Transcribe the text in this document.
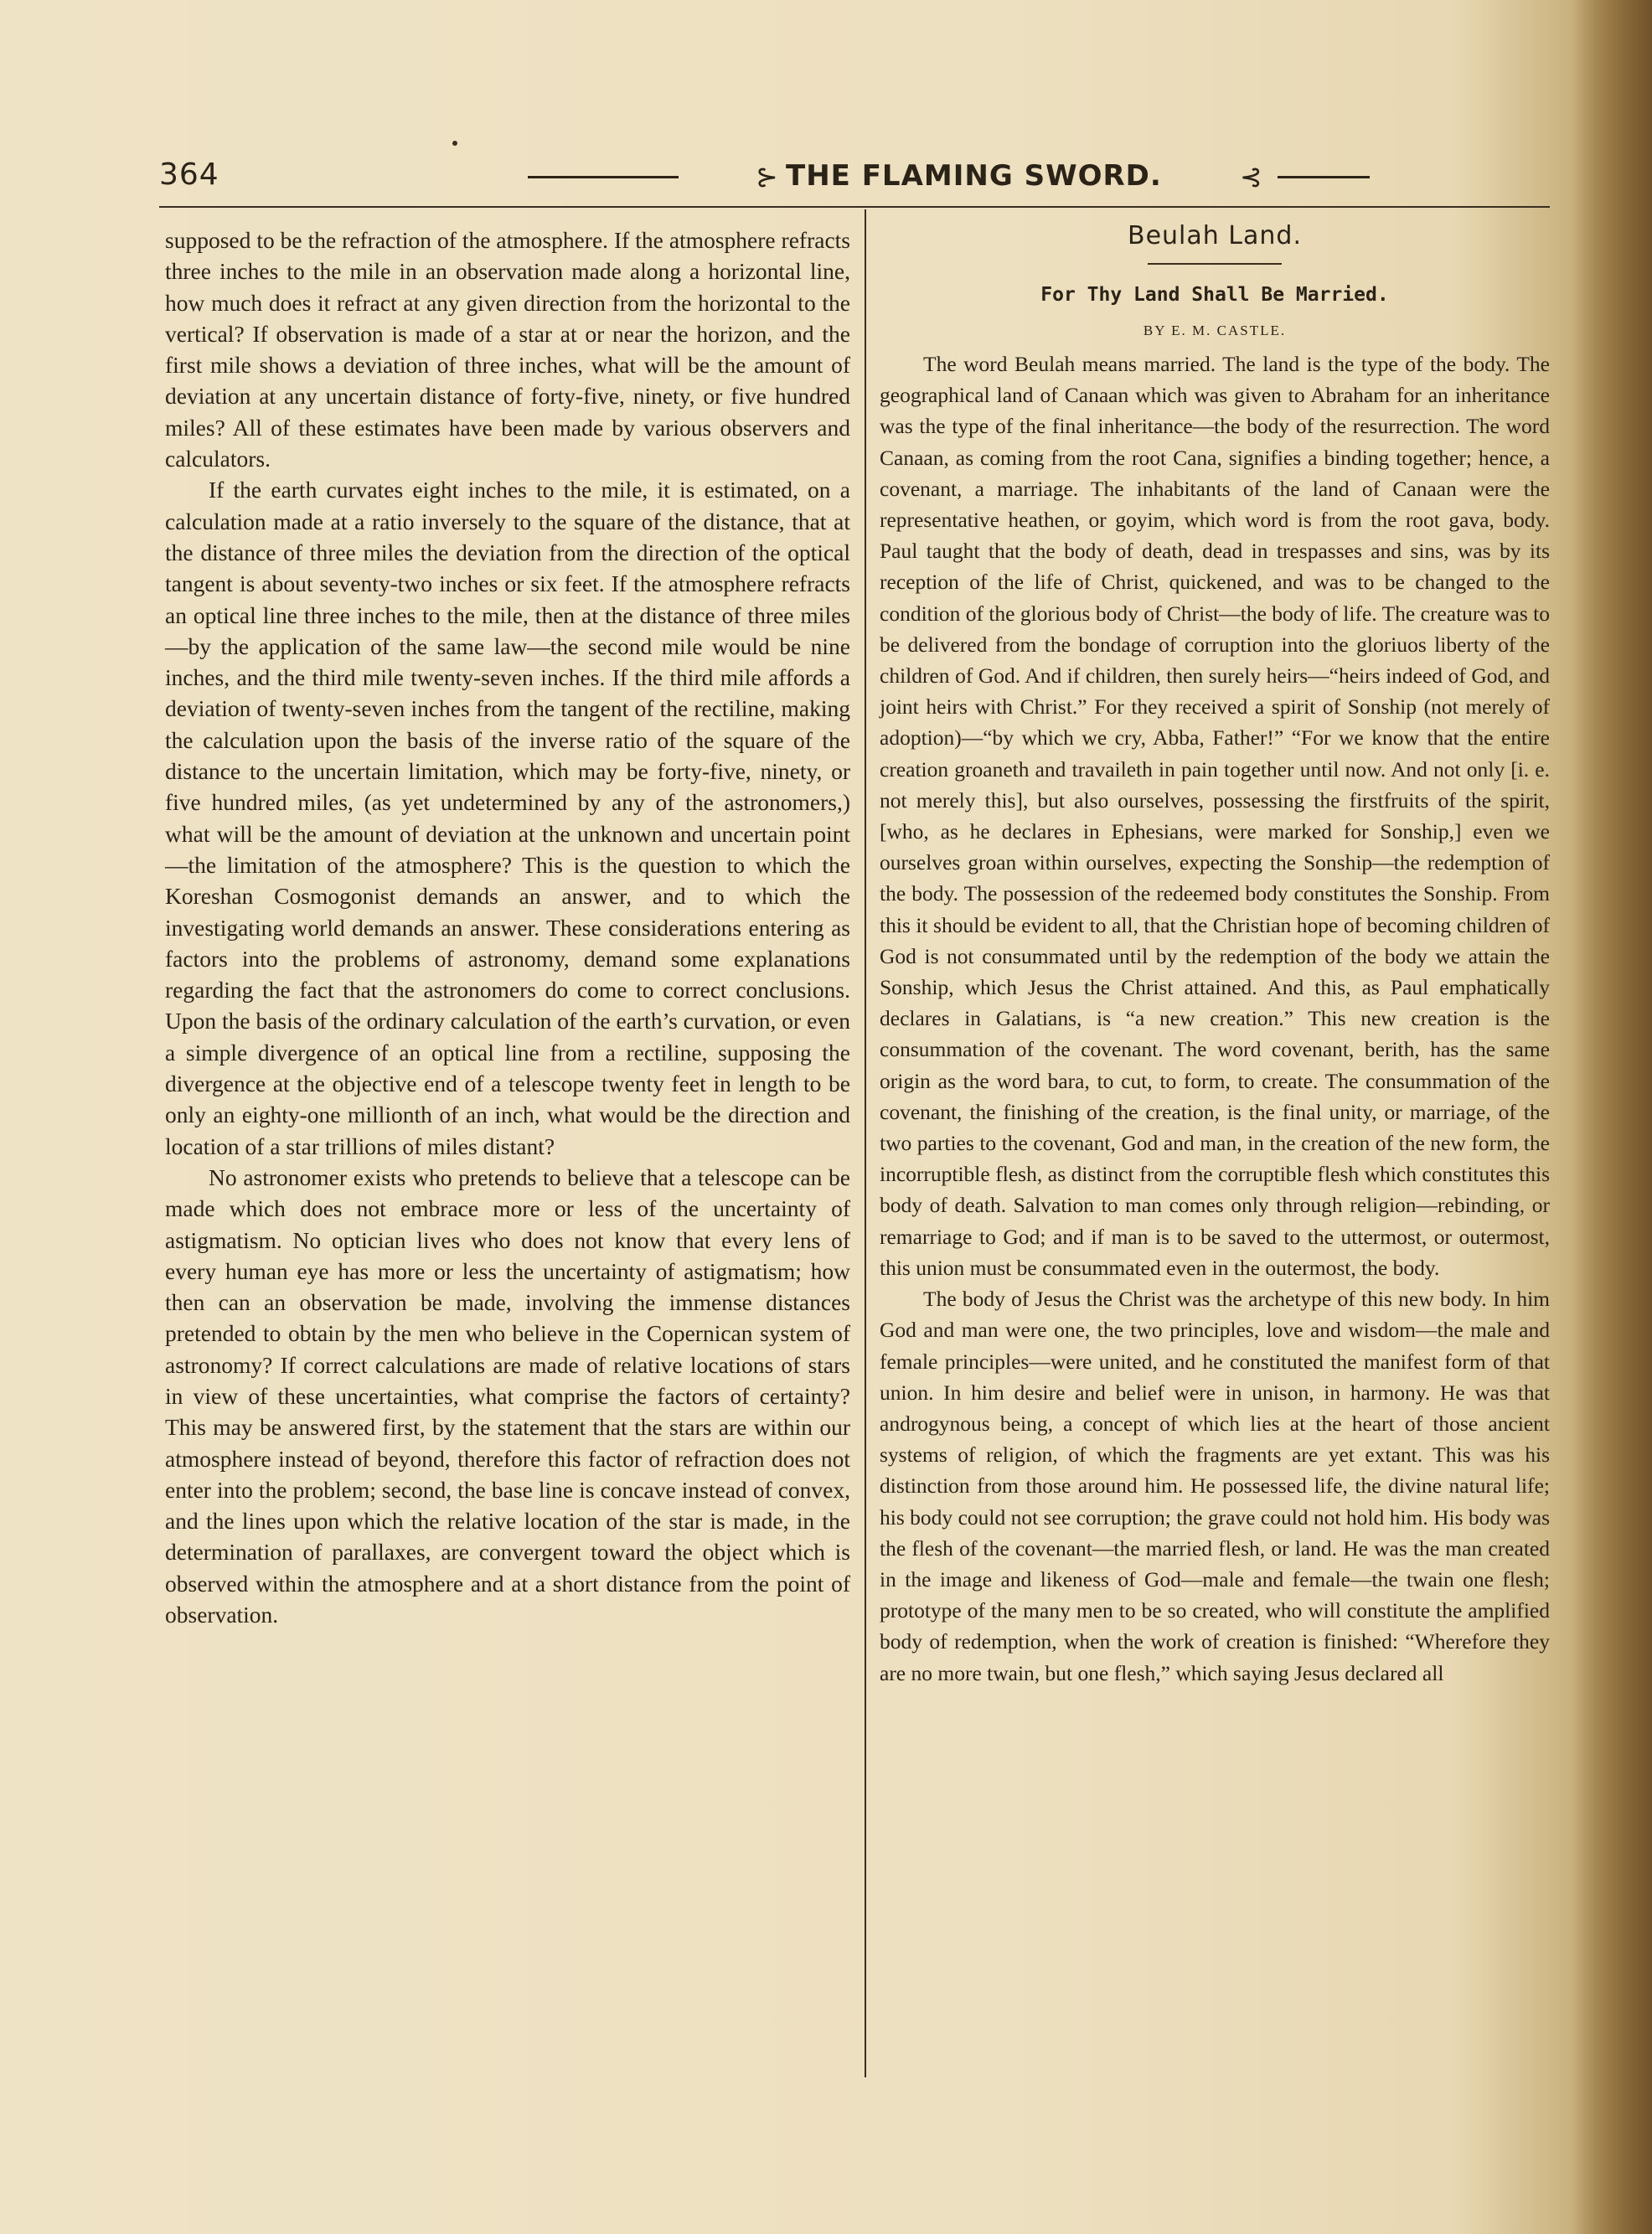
364	⊱ THE FLAMING SWORD.	⊰

supposed to be the refraction of the atmosphere. If the atmosphere refracts three inches to the mile in an observation made along a horizontal line, how much does it refract at any given direction from the horizontal to the vertical? If observation is made of a star at or near the horizon, and the first mile shows a deviation of three inches, what will be the amount of deviation at any uncertain distance of forty-five, ninety, or five hundred miles? All of these estimates have been made by various observers and calculators.

If the earth curvates eight inches to the mile, it is estimated, on a calculation made at a ratio inversely to the square of the distance, that at the distance of three miles the deviation from the direction of the optical tangent is about seventy-two inches or six feet. If the atmosphere refracts an optical line three inches to the mile, then at the distance of three miles—by the application of the same law—the second mile would be nine inches, and the third mile twenty-seven inches. If the third mile affords a deviation of twenty-seven inches from the tangent of the rectiline, making the calculation upon the basis of the inverse ratio of the square of the distance to the uncertain limitation, which may be forty-five, ninety, or five hundred miles, (as yet undetermined by any of the astronomers,) what will be the amount of deviation at the unknown and uncertain point—the limitation of the atmosphere? This is the question to which the Koreshan Cosmogonist demands an answer, and to which the investigating world demands an answer. These considerations entering as factors into the problems of astronomy, demand some explanations regarding the fact that the astronomers do come to correct conclusions. Upon the basis of the ordinary calculation of the earth’s curvation, or even a simple divergence of an optical line from a rectiline, supposing the divergence at the objective end of a telescope twenty feet in length to be only an eighty-one millionth of an inch, what would be the direction and location of a star trillions of miles distant?

No astronomer exists who pretends to believe that a telescope can be made which does not embrace more or less of the uncertainty of astigmatism. No optician lives who does not know that every lens of every human eye has more or less the uncertainty of astigmatism; how then can an observation be made, involving the immense distances pretended to obtain by the men who believe in the Copernican system of astronomy? If correct calculations are made of relative locations of stars in view of these uncertainties, what comprise the factors of certainty? This may be answered first, by the statement that the stars are within our atmosphere instead of beyond, therefore this factor of refraction does not enter into the problem; second, the base line is concave instead of convex, and the lines upon which the relative location of the star is made, in the determination of parallaxes, are convergent toward the object which is observed within the atmosphere and at a short distance from the point of observation.

Beulah Land.
For Thy Land Shall Be Married.
BY E. M. CASTLE.

The word Beulah means married. The land is the type of the body. The geographical land of Canaan which was given to Abraham for an inheritance was the type of the final inheritance—the body of the resurrection. The word Canaan, as coming from the root Cana, signifies a binding together; hence, a covenant, a marriage. The inhabitants of the land of Canaan were the representative heathen, or goyim, which word is from the root gava, body. Paul taught that the body of death, dead in trespasses and sins, was by its reception of the life of Christ, quickened, and was to be changed to the condition of the glorious body of Christ—the body of life. The creature was to be delivered from the bondage of corruption into the gloriuos liberty of the children of God. And if children, then surely heirs—“heirs indeed of God, and joint heirs with Christ.” For they received a spirit of Sonship (not merely of adoption)—“by which we cry, Abba, Father!” “For we know that the entire creation groaneth and travaileth in pain together until now. And not only [i. e. not merely this], but also ourselves, possessing the firstfruits of the spirit, [who, as he declares in Ephesians, were marked for Sonship,] even we ourselves groan within ourselves, expecting the Sonship—the redemption of the body. The possession of the redeemed body constitutes the Sonship. From this it should be evident to all, that the Christian hope of becoming children of God is not consummated until by the redemption of the body we attain the Sonship, which Jesus the Christ attained. And this, as Paul emphatically declares in Galatians, is “a new creation.” This new creation is the consummation of the covenant. The word covenant, berith, has the same origin as the word bara, to cut, to form, to create. The consummation of the covenant, the finishing of the creation, is the final unity, or marriage, of the two parties to the covenant, God and man, in the creation of the new form, the incorruptible flesh, as distinct from the corruptible flesh which constitutes this body of death. Salvation to man comes only through religion—rebinding, or remarriage to God; and if man is to be saved to the uttermost, or outermost, this union must be consummated even in the outermost, the body.

The body of Jesus the Christ was the archetype of this new body. In him God and man were one, the two principles, love and wisdom—the male and female principles—were united, and he constituted the manifest form of that union. In him desire and belief were in unison, in harmony. He was that androgynous being, a concept of which lies at the heart of those ancient systems of religion, of which the fragments are yet extant. This was his distinction from those around him. He possessed life, the divine natural life; his body could not see corruption; the grave could not hold him. His body was the flesh of the covenant—the married flesh, or land. He was the man created in the image and likeness of God—male and female—the twain one flesh; prototype of the many men to be so created, who will constitute the amplified body of redemption, when the work of creation is finished: “Wherefore they are no more twain, but one flesh,” which saying Jesus declared all
